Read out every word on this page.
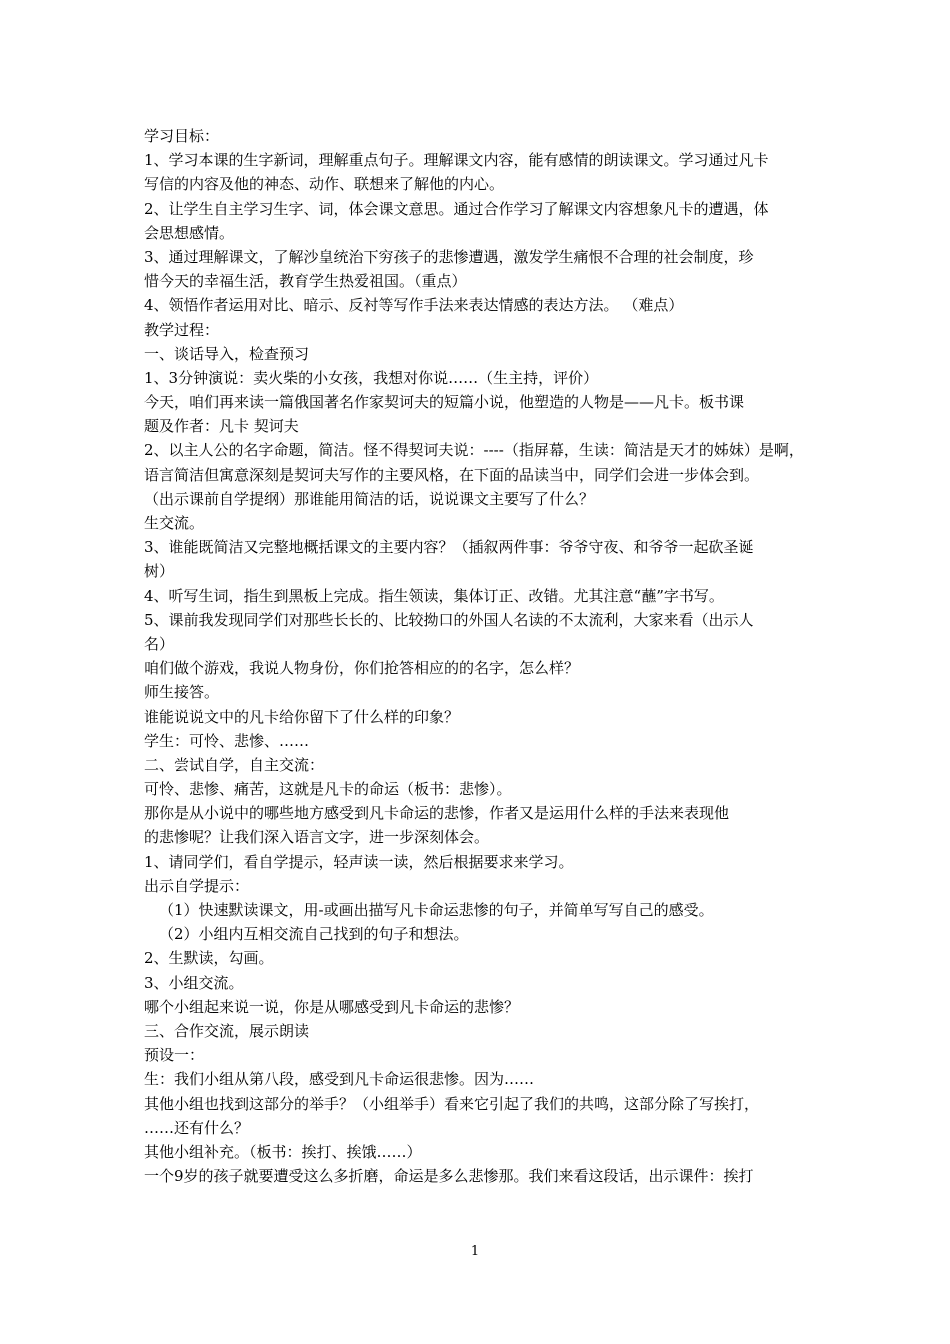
学习目标：
1、学习本课的生字新词，理解重点句子。理解课文内容，能有感情的朗读课文。学习通过凡卡
写信的内容及他的神态、动作、联想来了解他的内心。
2、让学生自主学习生字、词，体会课文意思。通过合作学习了解课文内容想象凡卡的遭遇，体
会思想感情。
3、通过理解课文，了解沙皇统治下穷孩子的悲惨遭遇，激发学生痛恨不合理的社会制度，珍
惜今天的幸福生活，教育学生热爱祖国。（重点）
4、领悟作者运用对比、暗示、反衬等写作手法来表达情感的表达方法。 （难点）
教学过程：
一、谈话导入，检查预习
1、3分钟演说：卖火柴的小女孩，我想对你说……（生主持，评价）
今天，咱们再来读一篇俄国著名作家契诃夫的短篇小说，他塑造的人物是——凡卡。板书课
题及作者：凡卡 契诃夫
2、以主人公的名字命题，简洁。怪不得契诃夫说：----（指屏幕，生读：简洁是天才的姊妹）是啊，
语言简洁但寓意深刻是契诃夫写作的主要风格，在下面的品读当中，同学们会进一步体会到。
（出示课前自学提纲）那谁能用简洁的话，说说课文主要写了什么？
生交流。
3、谁能既简洁又完整地概括课文的主要内容？（插叙两件事：爷爷守夜、和爷爷一起砍圣诞
树）
4、听写生词，指生到黑板上完成。指生领读，集体订正、改错。尤其注意“蘸”字书写。
5、课前我发现同学们对那些长长的、比较拗口的外国人名读的不太流利，大家来看（出示人
名）
咱们做个游戏，我说人物身份，你们抢答相应的的名字，怎么样？
师生接答。
谁能说说文中的凡卡给你留下了什么样的印象？
学生：可怜、悲惨、……
二、尝试自学，自主交流：
可怜、悲惨、痛苦，这就是凡卡的命运（板书：悲惨）。
那你是从小说中的哪些地方感受到凡卡命运的悲惨，作者又是运用什么样的手法来表现他
的悲惨呢？让我们深入语言文字，进一步深刻体会。
1、请同学们，看自学提示，轻声读一读，然后根据要求来学习。
出示自学提示：
（1）快速默读课文，用-或画出描写凡卡命运悲惨的句子，并简单写写自己的感受。
（2）小组内互相交流自己找到的句子和想法。
2、生默读，勾画。
3、小组交流。
哪个小组起来说一说，你是从哪感受到凡卡命运的悲惨？
三、合作交流，展示朗读
预设一：
生：我们小组从第八段，感受到凡卡命运很悲惨。因为……
其他小组也找到这部分的举手？（小组举手）看来它引起了我们的共鸣，这部分除了写挨打，
……还有什么？
其他小组补充。（板书：挨打、挨饿……）
一个9岁的孩子就要遭受这么多折磨，命运是多么悲惨那。我们来看这段话，出示课件：挨打
1
